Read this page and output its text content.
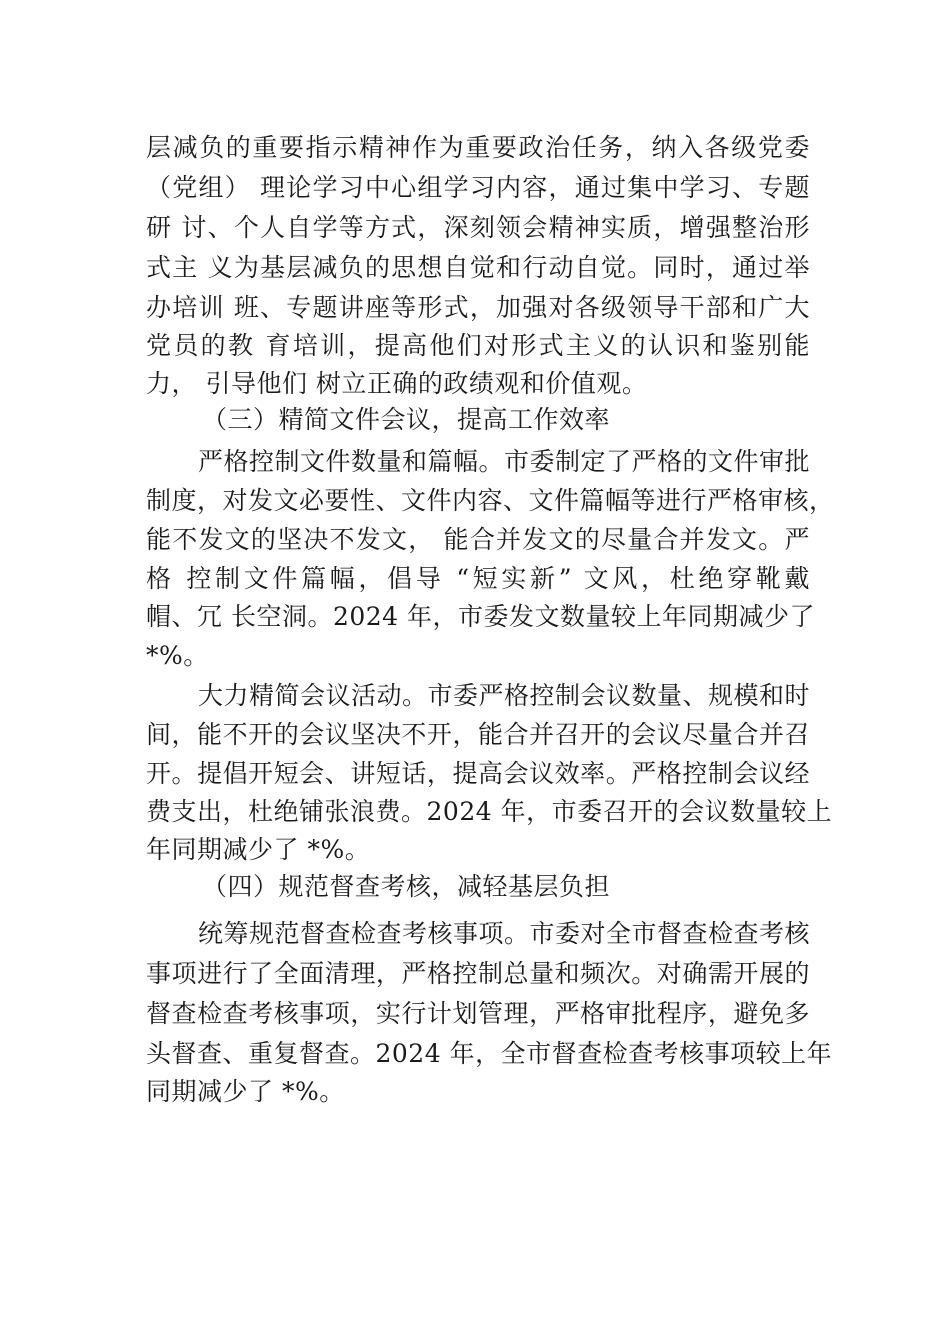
层减负的重要指示精神作为重要政治任务，纳入各级党委
（党组） 理论学习中心组学习内容，通过集中学习、专题
研 讨、个人自学等方式，深刻领会精神实质，增强整治形
式主 义为基层减负的思想自觉和行动自觉。同时，通过举
办培训 班、专题讲座等形式，加强对各级领导干部和广大
党员的教 育培训，提高他们对形式主义的认识和鉴别能
力， 引导他们 树立正确的政绩观和价值观。
（三）精简文件会议，提高工作效率
严格控制文件数量和篇幅。市委制定了严格的文件审批
制度，对发文必要性、文件内容、文件篇幅等进行严格审核，
能不发文的坚决不发文， 能合并发文的尽量合并发文。严
格 控制文件篇幅，倡导 “短实新” 文风，杜绝穿靴戴
帽、冗 长空洞。2024 年，市委发文数量较上年同期减少了
*%。
大力精简会议活动。市委严格控制会议数量、规模和时
间，能不开的会议坚决不开，能合并召开的会议尽量合并召
开。提倡开短会、讲短话，提高会议效率。严格控制会议经
费支出，杜绝铺张浪费。2024 年，市委召开的会议数量较上
年同期减少了 *%。
（四）规范督查考核，减轻基层负担
统筹规范督查检查考核事项。市委对全市督查检查考核
事项进行了全面清理，严格控制总量和频次。对确需开展的
督查检查考核事项，实行计划管理，严格审批程序，避免多
头督查、重复督查。2024 年，全市督查检查考核事项较上年
同期减少了 *%。
